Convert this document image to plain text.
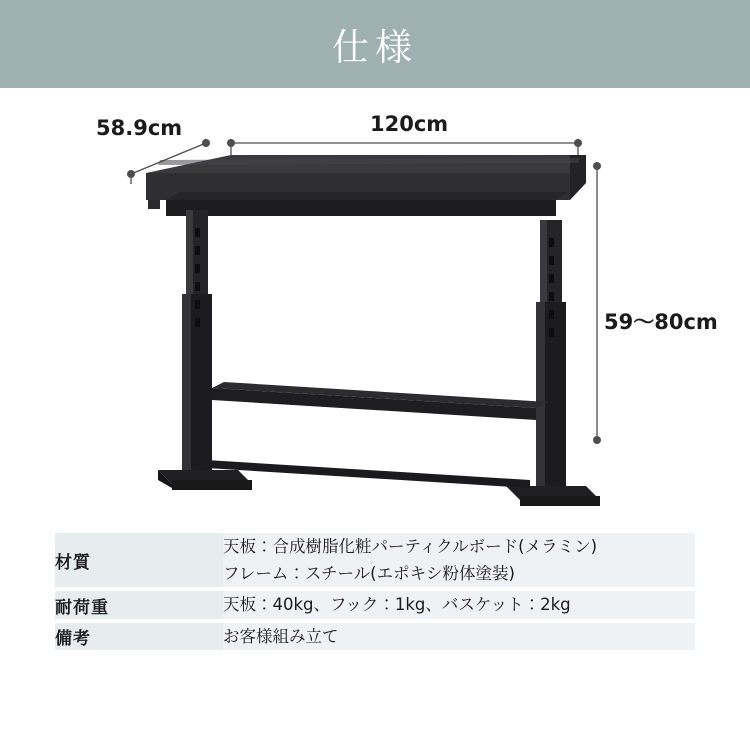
仕様
58.9cm	120cm
59〜80cm
材質	天板：合成樹脂化粧パーティクルボード(メラミン)
フレーム：スチール(エポキシ粉体塗装)

耐荷重	天板：40kg、フック：1kg、バスケット：2kg

備考	お客様組み立て
